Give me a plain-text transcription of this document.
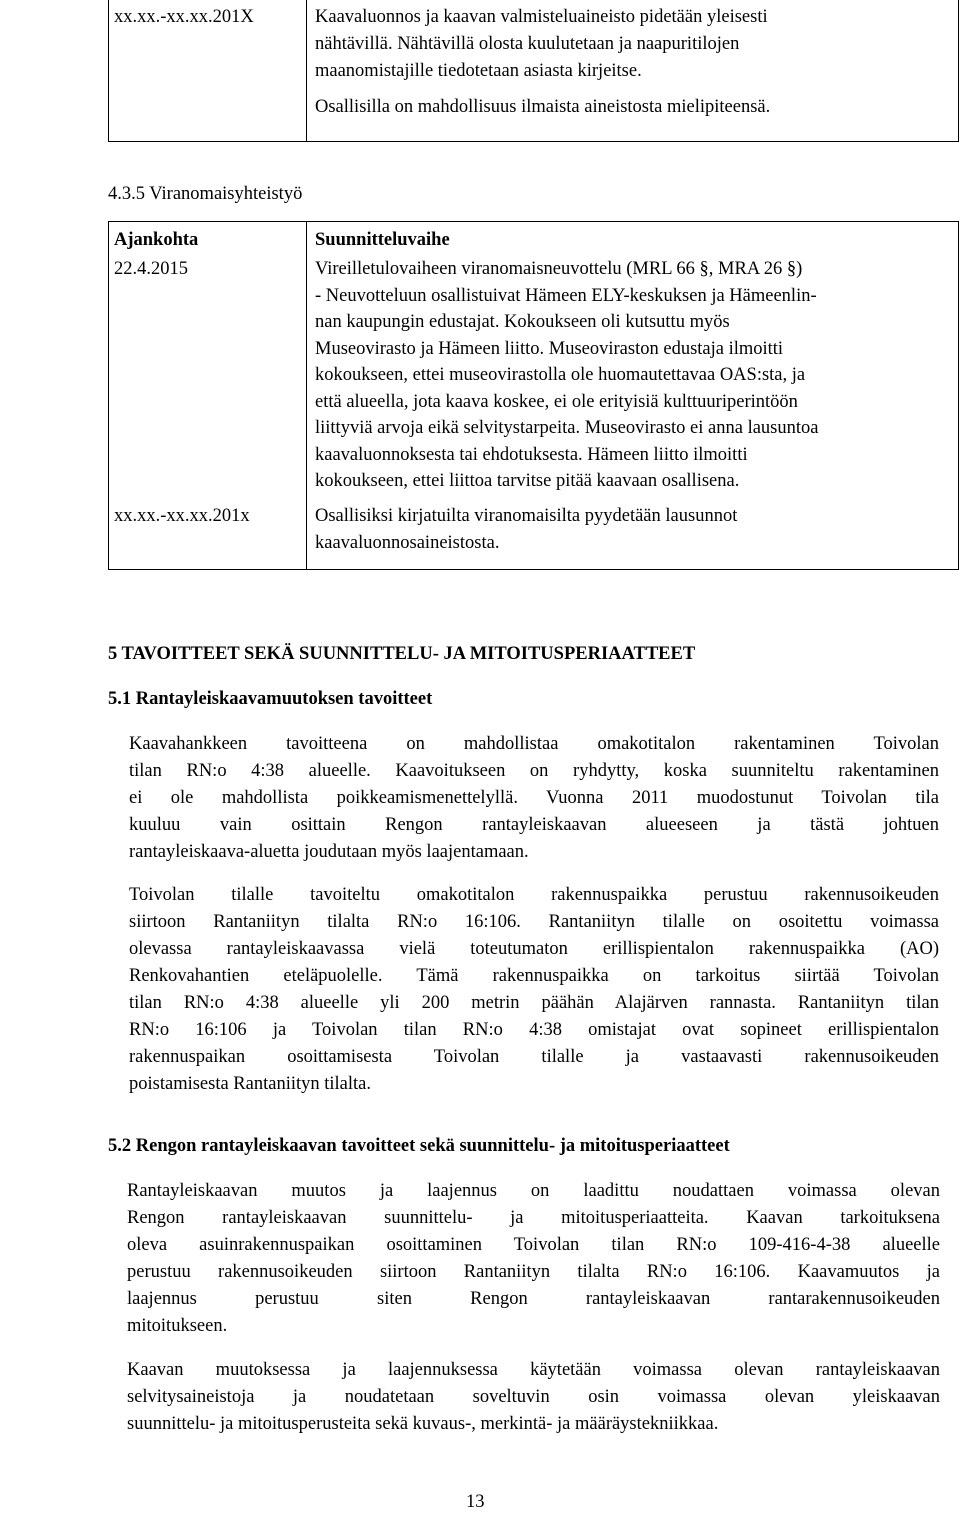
xx.xx.-xx.xx.201X	Kaavaluonnos ja kaavan valmisteluaineisto pidetään yleisesti
nähtävillä. Nähtävillä olosta kuulutetaan ja naapuritilojen
maanomistajille tiedotetaan asiasta kirjeitse.
Osallisilla on mahdollisuus ilmaista aineistosta mielipiteensä.
4.3.5 Viranomaisyhteistyö
Ajankohta	Suunnitteluvaihe
22.4.2015	Vireilletulovaiheen viranomaisneuvottelu (MRL 66 §, MRA 26 §)
- Neuvotteluun osallistuivat Hämeen ELY-keskuksen ja Hämeenlin-
nan kaupungin edustajat. Kokoukseen oli kutsuttu myös
Museovirasto ja Hämeen liitto. Museoviraston edustaja ilmoitti
kokoukseen, ettei museovirastolla ole huomautettavaa OAS:sta, ja
että alueella, jota kaava koskee, ei ole erityisiä kulttuuriperintöön
liittyviä arvoja eikä selvitystarpeita. Museovirasto ei anna lausuntoa
kaavaluonnoksesta tai ehdotuksesta. Hämeen liitto ilmoitti
kokoukseen, ettei liittoa tarvitse pitää kaavaan osallisena.
xx.xx.-xx.xx.201x	Osallisiksi kirjatuilta viranomaisilta pyydetään lausunnot
kaavaluonnosaineistosta.
5 TAVOITTEET SEKÄ SUUNNITTELU- JA MITOITUSPERIAATTEET
5.1 Rantayleiskaavamuutoksen tavoitteet
Kaavahankkeen tavoitteena on mahdollistaa omakotitalon rakentaminen Toivolan
tilan RN:o 4:38 alueelle. Kaavoitukseen on ryhdytty, koska suunniteltu rakentaminen
ei ole mahdollista poikkeamismenettelyllä. Vuonna 2011 muodostunut Toivolan tila
kuuluu vain osittain Rengon rantayleiskaavan alueeseen ja tästä johtuen
rantayleiskaava-aluetta joudutaan myös laajentamaan.
Toivolan tilalle tavoiteltu omakotitalon rakennuspaikka perustuu rakennusoikeuden
siirtoon Rantaniityn tilalta RN:o 16:106. Rantaniityn tilalle on osoitettu voimassa
olevassa rantayleiskaavassa vielä toteutumaton erillispientalon rakennuspaikka (AO)
Renkovahantien eteläpuolelle. Tämä rakennuspaikka on tarkoitus siirtää Toivolan
tilan RN:o 4:38 alueelle yli 200 metrin päähän Alajärven rannasta. Rantaniityn tilan
RN:o 16:106 ja Toivolan tilan RN:o 4:38 omistajat ovat sopineet erillispientalon
rakennuspaikan osoittamisesta Toivolan tilalle ja vastaavasti rakennusoikeuden
poistamisesta Rantaniityn tilalta.
5.2 Rengon rantayleiskaavan tavoitteet sekä suunnittelu- ja mitoitusperiaatteet
Rantayleiskaavan muutos ja laajennus on laadittu noudattaen voimassa olevan
Rengon rantayleiskaavan suunnittelu- ja mitoitusperiaatteita. Kaavan tarkoituksena
oleva asuinrakennuspaikan osoittaminen Toivolan tilan RN:o 109-416-4-38 alueelle
perustuu rakennusoikeuden siirtoon Rantaniityn tilalta RN:o 16:106. Kaavamuutos ja
laajennus perustuu siten Rengon rantayleiskaavan rantarakennusoikeuden
mitoitukseen.
Kaavan muutoksessa ja laajennuksessa käytetään voimassa olevan rantayleiskaavan
selvitysaineistoja ja noudatetaan soveltuvin osin voimassa olevan yleiskaavan
suunnittelu- ja mitoitusperusteita sekä kuvaus-, merkintä- ja määräystekniikkaa.
13
